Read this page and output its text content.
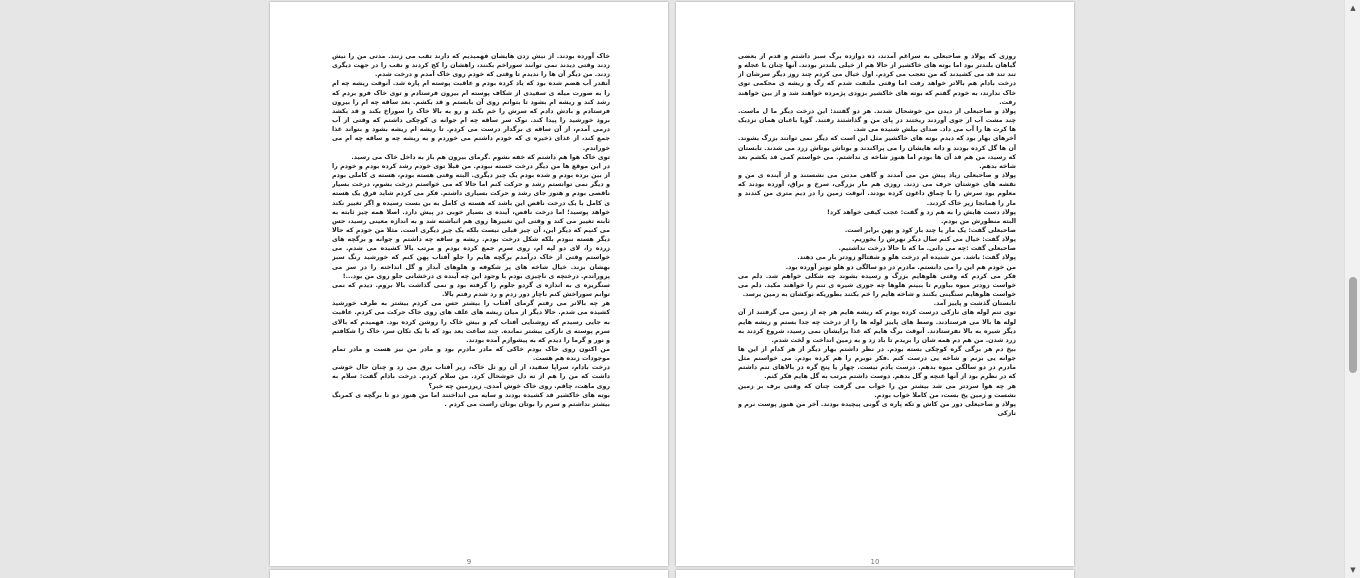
خاک آورده بودند. از نیش زدن هایشان فهمیدیم که دارند تقب می زنند. مدتی من را نیش زدند وقتی دیدند نمی توانند سوراخم بکنند، راهشان را کج کردند و نقب را در جهت دیگری زدند. من دیگر آن ها را ندیدم تا وقتی که خودم روی خاک آمدم و درخت شدم.

آنقدر آب هضم شده بود که یاد کرده بودم و عاقبت پوسته ام پاره شد. آنوقت ریشه چه ام را به صورت میله ی سفیدی از شکاف پوسته ام بیرون فرستادم و توی خاک فرو بردم که رشد کند و ریشه ام بشود تا بتوانم روی آن بایستم و قد بکشم. بعد ساقه چه ام را بیرون فرستادم و بادش دادم که سرش را خم بکند و رو به بالا خاک را سوراخ بکند و قد بکشد بروذ خورشید را پیدا کند. نوک سر ساقه چه ام جوانه ی کوچکی داشتم که وقتی از آب درمی آمدم، از آن ساقه ی برگدار درست می کردم. تا ریشه ام ریشه بشود و بتواند غذا جمع کند، از غذای ذخیره ی که خودم داشتم می خوردم و به ریشه چه و ساقه چه ام می خوراندم.

توی خاک هوا هم داشتم که خفه نشوم .گرمای بیرون هم باز به داخل خاک می رسید.

در این موقع ها من دیگر درخت خسته نبودم. من قبلا توی خودم رشد کرده بودم و خودم را از بین برده بودم و شده بودم یک چیز دیگری. البته وقتی هسته بودم، هسته ی کاملی بودم و دیگر نمی توانستم رشد و حرکت کنم اما حالا که می خواستم درخت بشوم، درخت بسیار ناقصی بودم و هنوز جای رشد و حرکت بسیاری داشتم. فکر می کردم شاید فرق یک هسته ی کامل با یک درخت ناقص این باشد که هسته ی کامل به بن بست رسیده و اگر تغییر نکند خواهد پوسید؛ اما درخت ناقص، آینده ی بسیار خوبی در پیش دارد. اصلا همه چیز ثابته به ثابته تغییر می کند و وقتی این تغییرها روی هم انباشته شد و به اندازه معینی رسید، حس می کنیم که دیگر این، آن چیز قبلی نیست بلکه یک چیز دیگری است. مثلا من خودم که حالا دیگر هسته نبودم بلکه شکل درخت بودم. ریشه و ساقه چه داشتم و جوانه و برگچه های زرده را، لای دو لپه ام، روی سرم جمع کرده بودم و مرتب بالا کشیده می شدم. می خواستم وقتی از خاک درآمدم برگچه هایم را جلو آفتاب پهن کنم که خورشید رنگ سبز بهشان بزند. خیال شاخه های پر شکوفه و هلوهای آبدار و گل انداخته را در سر می پروراندم. درختچه ی ناچیزی بودم با وجود این چه آینده ی درخشانی جلو روی من بود...!

سنگریزه ی به اندازه ی گردو جلوم را گرفته بود و نمی گذاشت بالا بروم. دیدم که نمی توانم سوراخش کنم ناچار دور زدم و رد شدم رفتم بالا.

هر چه بالاتر می رفتم گرمای آفتاب را بیشتر حس می کردم بیشتر به طرف خورشید کشیده می شدم. حالا دیگر از میان ریشه های علف های روی خاک حرکت می کردم. عاقبت به جایی رسیدم که روشنایی آفتاب کم و بیش خاک را روشن کرده بود. فهمیدم که بالای سرم پوسته ی نازکی بیشتر نمانده. چند ساعت بعد بود که با یک تکان سر، خاک را شکافتم و نور و گرما را دیدم که به پیشوازم آمده بودند.

من اکنون روی خاک بودم خاکی که مادر مادرم بود و مادر من نیز هست و مادر تمام موجودات زنده هم هست.

درخت بادام، سراپا سفید، از آن رو تل خاک، زیر آفتاب برق می زد و چنان حال خوشی داشت که من را هم از ته دل خوشحال کرد. من سلام کردم. درخت بادام گفت: سلام به روی ماهت، چاقم. روی خاک خوش آمدی. زیرزمین چه خبر؟

بوته های خاکشیر قد کشیده بودند و سایه می انداختند اما من هنوز دو تا برگچه ی کمرنگ بیشتر نداشتم و سرم را بوتان بوتان راست می کردم .

9

روزی که پولاد و صاحبعلی به سراغم آمدند، ده دوازده برگ سبز داشتم و قدم از بعضی گیاهان بلندتر بود اما بوته های خاکشیر از حالا هم از خیلی بلندتر بودند. آنها چنان با عجله و تند تند قد می کشیدند که من تعجب می کردم. اول خیال می کردم چند روز دیگر سرشان از درخت بادام هم بالاتر خواهد رفت اما وقتی ملتفت شدم که رگ و ریشه ی محکمی توی خاک ندارند، به خودم گفتم که بوته های خاکشیر بزودی پژمرده خواهند شد و از بین خواهند رفت.

پولاد و صاحبعلی از دیدن من خوشحال شدند. هر دو گفتند: این درخت دیگر ما ل ماست. چند مشت آب از جوی آوردند ریختند در پای من و گذاشتند رفتند. گویا باغبان همان نزدیک ها کرت ها را آب می داد. صدای بیلش شنیده می شد.

آخرهای بهار بود که دیدم بوته های خاکشیر مثل این است که دیگر نمی توانند بزرگ بشوند. آن ها گل کرده بودند و دانه هایشان را می پراکندند و بوتاش بوتاش زرد می شدند. تابستان که رسید، من هم قد آن ها بودم اما هنوز شاخه ی نداشتم. می خواستم کمی قد بکشم بعد شاخه بدهم.

پولاد و صاحبعلی زیاد پیش من می آمدند و گاهی مدتی می نشستند و از آینده ی من و نقشه های خوشتان حرف می زدند. روزی هم مار بزرگی، سرخ و براق، آورده بودند که معلوم بود سرش را با چماق داغون کرده بودند. آنوقت زمین را در دیم متری من کندند و مار را همانجا زیر خاک کردند.

پولاد دست هایش را به هم زد و گفت: عجب کیفی خواهد کرد!

البته منظورش من بودم.

صاحبعلی گفت: یک مار یا چند بار کود و پهن برابر است.

پولاد گفت: خیال می کنم سال دیگر نهرش را بخوریم.

صاحبعلی گفت :چه می دانی. ما که تا حالا درخت نداشتیم.

پولاد گفت: باشد. من شنیده ام درخت هلو و شفتالو زودتر بار می دهند.

من خودم هم این را می دانستم. مادرم در دو سالگی دو هلو نوبر آورده بود.

فکر می کردم که وقتی هلوهایم بزرگ و رسیده بشوند چه شکلی خواهم شد. دلم می خواست زودتر میوه بیاورم تا ببینم هلوها چه جوری شیره ی تنم را خواهند مکید. دلم می خواست هلوهایم سنگینی بکنند و شاخه هایم را خم بکنند بطوریکه نوکشان به زمین برسد.

تابستان گذشت و پاییز آمد.

توی تنم لوله های نازکی درست کرده بودم که ریشه هایم هر چه از زمین می گرفتند از آن لوله ها بالا می فرستادند. وسط های پاییز لوله ها را از درخت چه جدا بستم و ریشه هایم دیگر شیره به بالا نفرستادند. آنوقت برگ هایم که غذا برایشان نمی رسید، شروع کردند به زرد شدن. من هم دم همه شان را بریدم تا باد زد و به زمین انداخت و لخت شدم.

بیخ دم هر برگی گره کوچکی بسته بودم. در نظر داشتم بهار دیگر از هر کدام از این ها جوانه یی بزنم و شاخه یی درست کنم .فکر نوبرم را هم کرده بودم. می خواستم مثل مادرم در دو سالگی میوه بدهم. درست یادم نیست. چهار یا پنج گره در بالاهای تنم داشتم که در نظرم بود از آنها غنچه و گل بدهم. دوست داشتم مرتب به گل هایم فکر کنم.

هر چه هوا سردتر می شد بیشتر من را خواب می گرفت چنان که وقتی برف بر زمین نشست و زمین یخ بست، من کاملا خواب بودم.

پولاد و صاحبعلی دور من کاش و تکه پاره ی گونی پیچیده بودند. آخر من هنوز پوست نرم و نازکی

10
▲
▼
